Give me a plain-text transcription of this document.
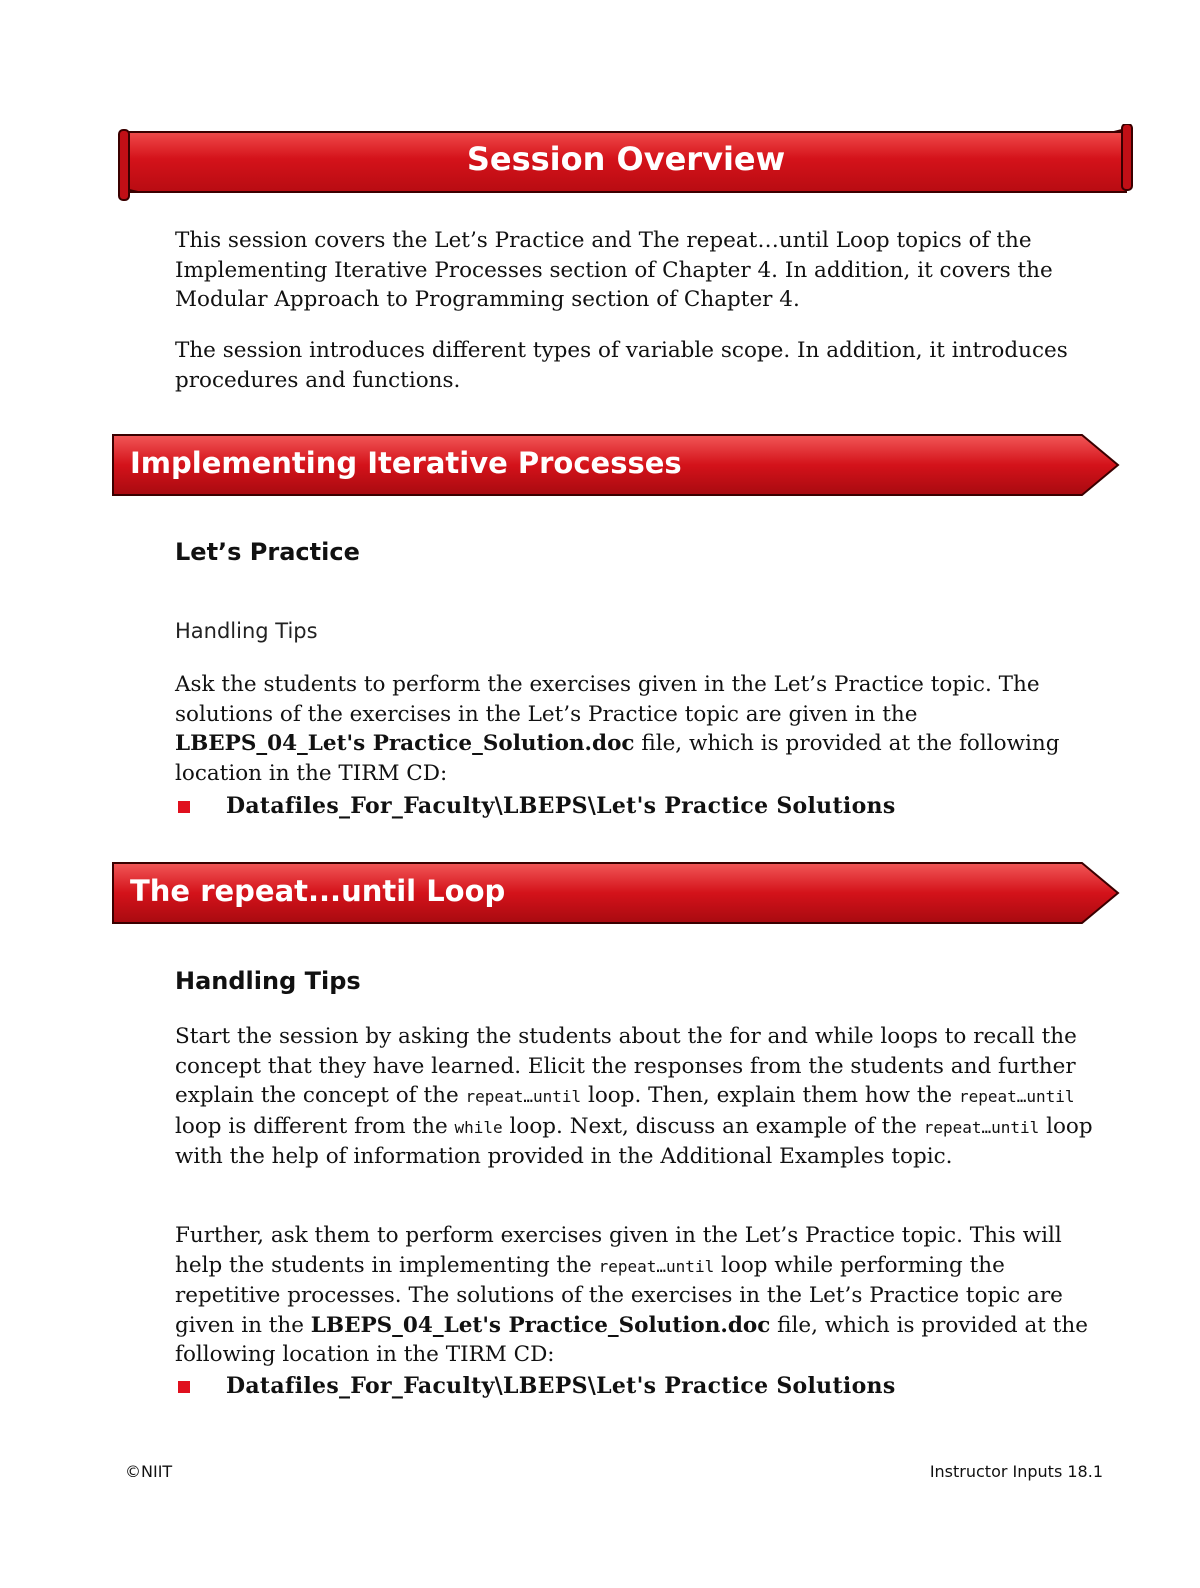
Session Overview

This session covers the Let’s Practice and The repeat…until Loop topics of the Implementing Iterative Processes section of Chapter 4. In addition, it covers the Modular Approach to Programming section of Chapter 4.

The session introduces different types of variable scope. In addition, it introduces procedures and functions.

Implementing Iterative Processes
Let’s Practice
Handling Tips

Ask the students to perform the exercises given in the Let’s Practice topic. The solutions of the exercises in the Let’s Practice topic are given in the LBEPS_04_Let's Practice_Solution.doc file, which is provided at the following location in the TIRM CD:

Datafiles_For_Faculty\LBEPS\Let's Practice Solutions
The repeat...until Loop
Handling Tips

Start the session by asking the students about the for and while loops to recall the concept that they have learned. Elicit the responses from the students and further explain the concept of the repeat…until loop. Then, explain them how the repeat…until loop is different from the while loop. Next, discuss an example of the repeat…until loop with the help of information provided in the Additional Examples topic.

Further, ask them to perform exercises given in the Let’s Practice topic. This will help the students in implementing the repeat…until loop while performing the repetitive processes. The solutions of the exercises in the Let’s Practice topic are given in the LBEPS_04_Let's Practice_Solution.doc file, which is provided at the following location in the TIRM CD:

Datafiles_For_Faculty\LBEPS\Let's Practice Solutions
©NIIT	Instructor Inputs 18.1
